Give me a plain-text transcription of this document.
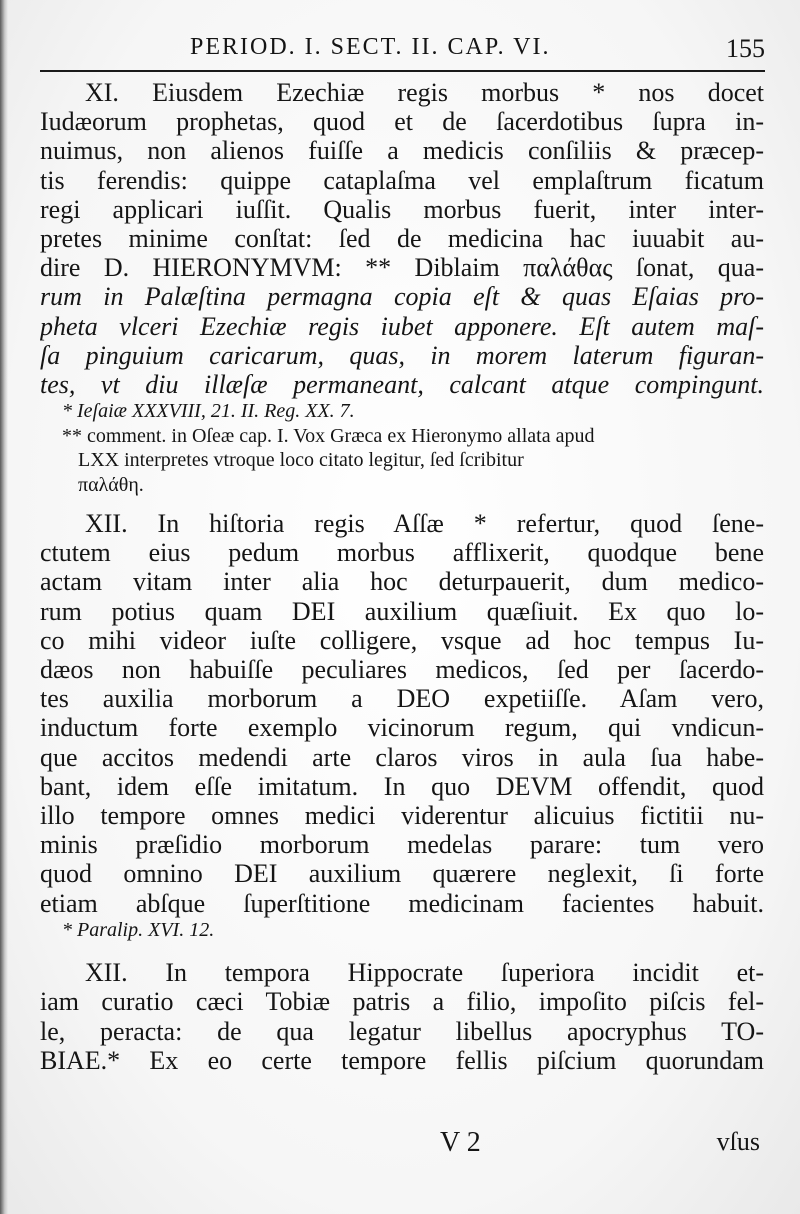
PERIOD. I. SECT. II. CAP. VI.	155
XI. Eiusdem Ezechiæ regis morbus * nos docet
Iudæorum prophetas, quod et de ſacerdotibus ſupra in-
nuimus, non alienos fuiſſe a medicis conſiliis & præcep-
tis ferendis: quippe cataplaſma vel emplaſtrum ficatum
regi applicari iuſſit. Qualis morbus fuerit, inter inter-
pretes minime conſtat: ſed de medicina hac iuuabit au-
dire D. HIERONYMVM: ** Diblaim παλάθας ſonat, qua-
rum in Palæſtina permagna copia eſt & quas Eſaias pro-
pheta vlceri Ezechiæ regis iubet apponere. Eſt autem maſ-
ſa pinguium caricarum, quas, in morem laterum figuran-
tes, vt diu illæſæ permaneant, calcant atque compingunt.
* Ieſaiæ XXXVIII, 21. II. Reg. XX. 7.
** comment. in Oſeæ cap. I. Vox Græca ex Hieronymo allata apud
LXX interpretes vtroque loco citato legitur, ſed ſcribitur
παλάθη.
XII. In hiſtoria regis Aſſæ * refertur, quod ſene-
ctutem eius pedum morbus afflixerit, quodque bene
actam vitam inter alia hoc deturpauerit, dum medico-
rum potius quam DEI auxilium quæſiuit. Ex quo lo-
co mihi videor iuſte colligere, vsque ad hoc tempus Iu-
dæos non habuiſſe peculiares medicos, ſed per ſacerdo-
tes auxilia morborum a DEO expetiiſſe. Aſam vero,
inductum forte exemplo vicinorum regum, qui vndicun-
que accitos medendi arte claros viros in aula ſua habe-
bant, idem eſſe imitatum. In quo DEVM offendit, quod
illo tempore omnes medici viderentur alicuius fictitii nu-
minis præſidio morborum medelas parare: tum vero
quod omnino DEI auxilium quærere neglexit, ſi forte
etiam abſque ſuperſtitione medicinam facientes habuit.
* Paralip. XVI. 12.
XII. In tempora Hippocrate ſuperiora incidit et-
iam curatio cæci Tobiæ patris a filio, impoſito piſcis fel-
le, peracta: de qua legatur libellus apocryphus TO-
BIAE.* Ex eo certe tempore fellis piſcium quorundam
V 2	vſus
